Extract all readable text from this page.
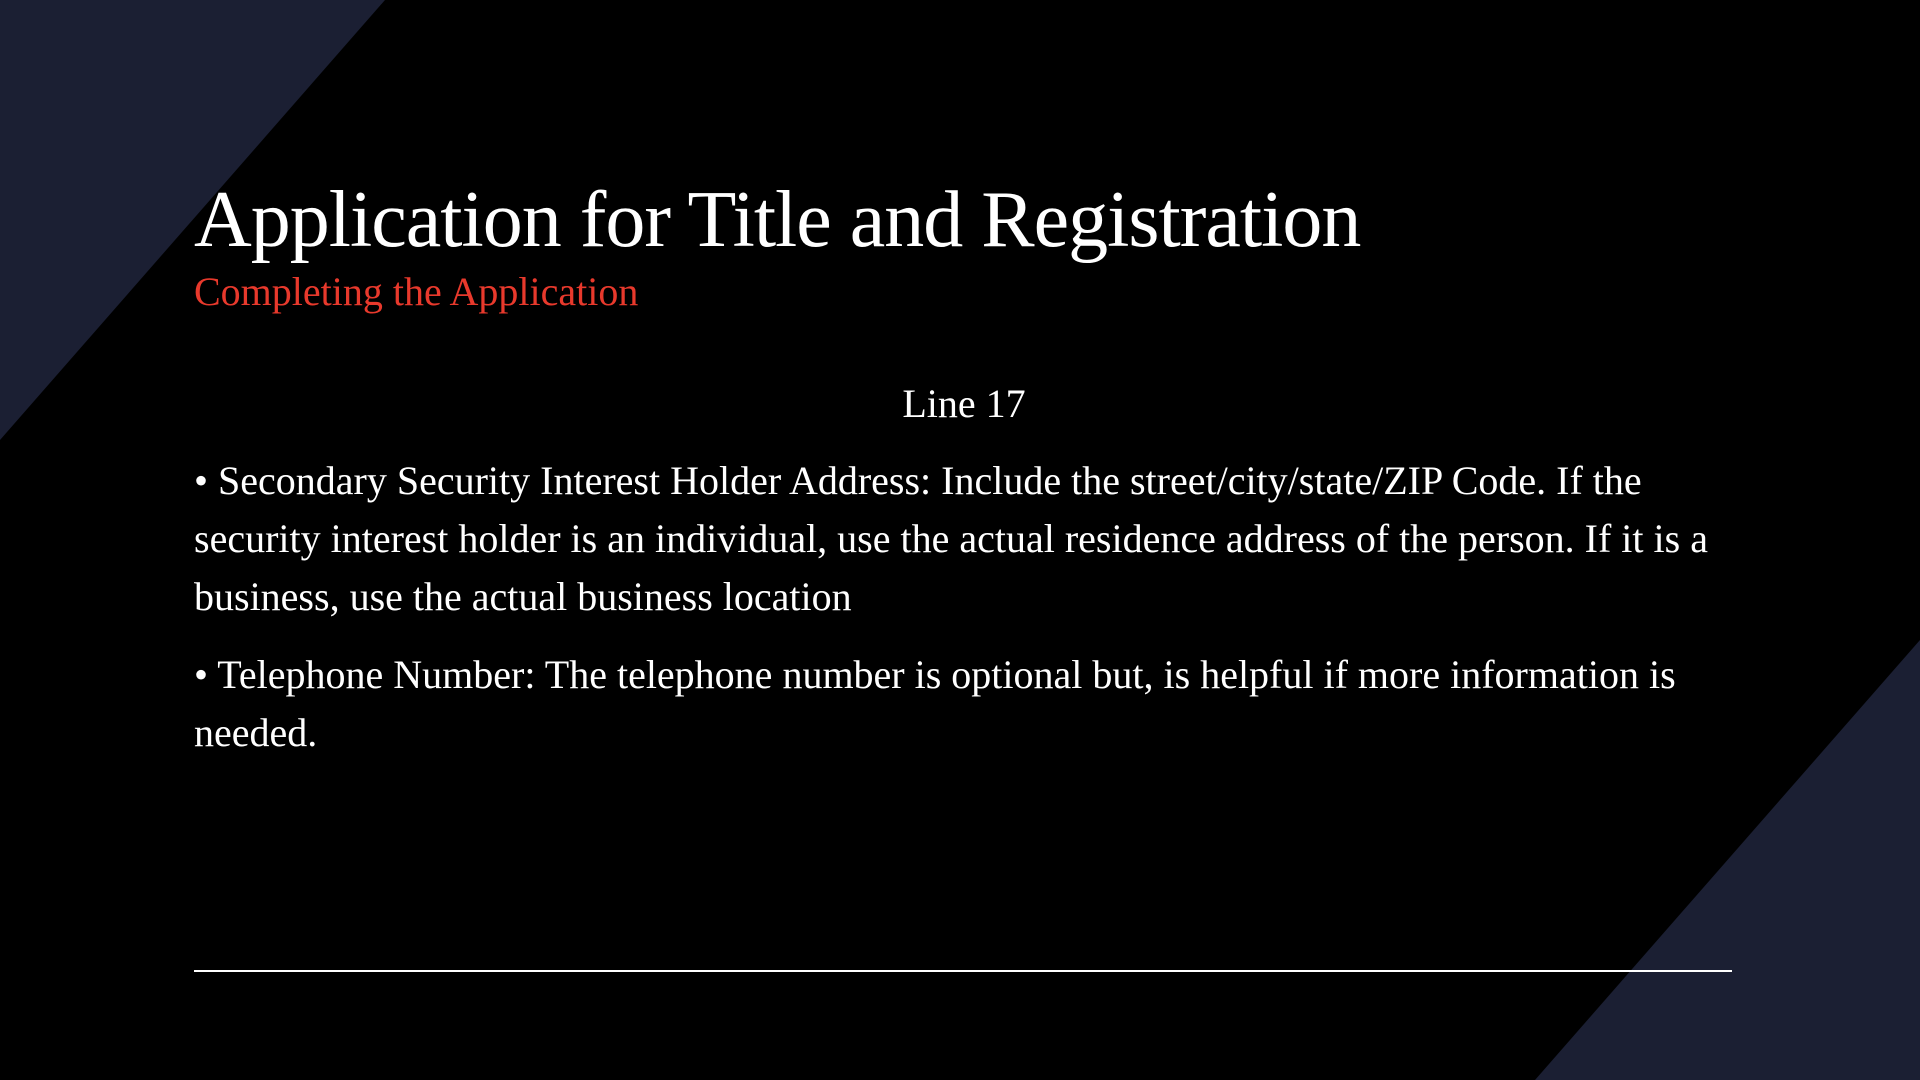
Application for Title and Registration
Completing the Application
Line 17
• Secondary Security Interest Holder Address: Include the street/city/state/ZIP Code. If the security interest holder is an individual, use the actual residence address of the person. If it is a business, use the actual business location
• Telephone Number: The telephone number is optional but, is helpful if more information is needed.
